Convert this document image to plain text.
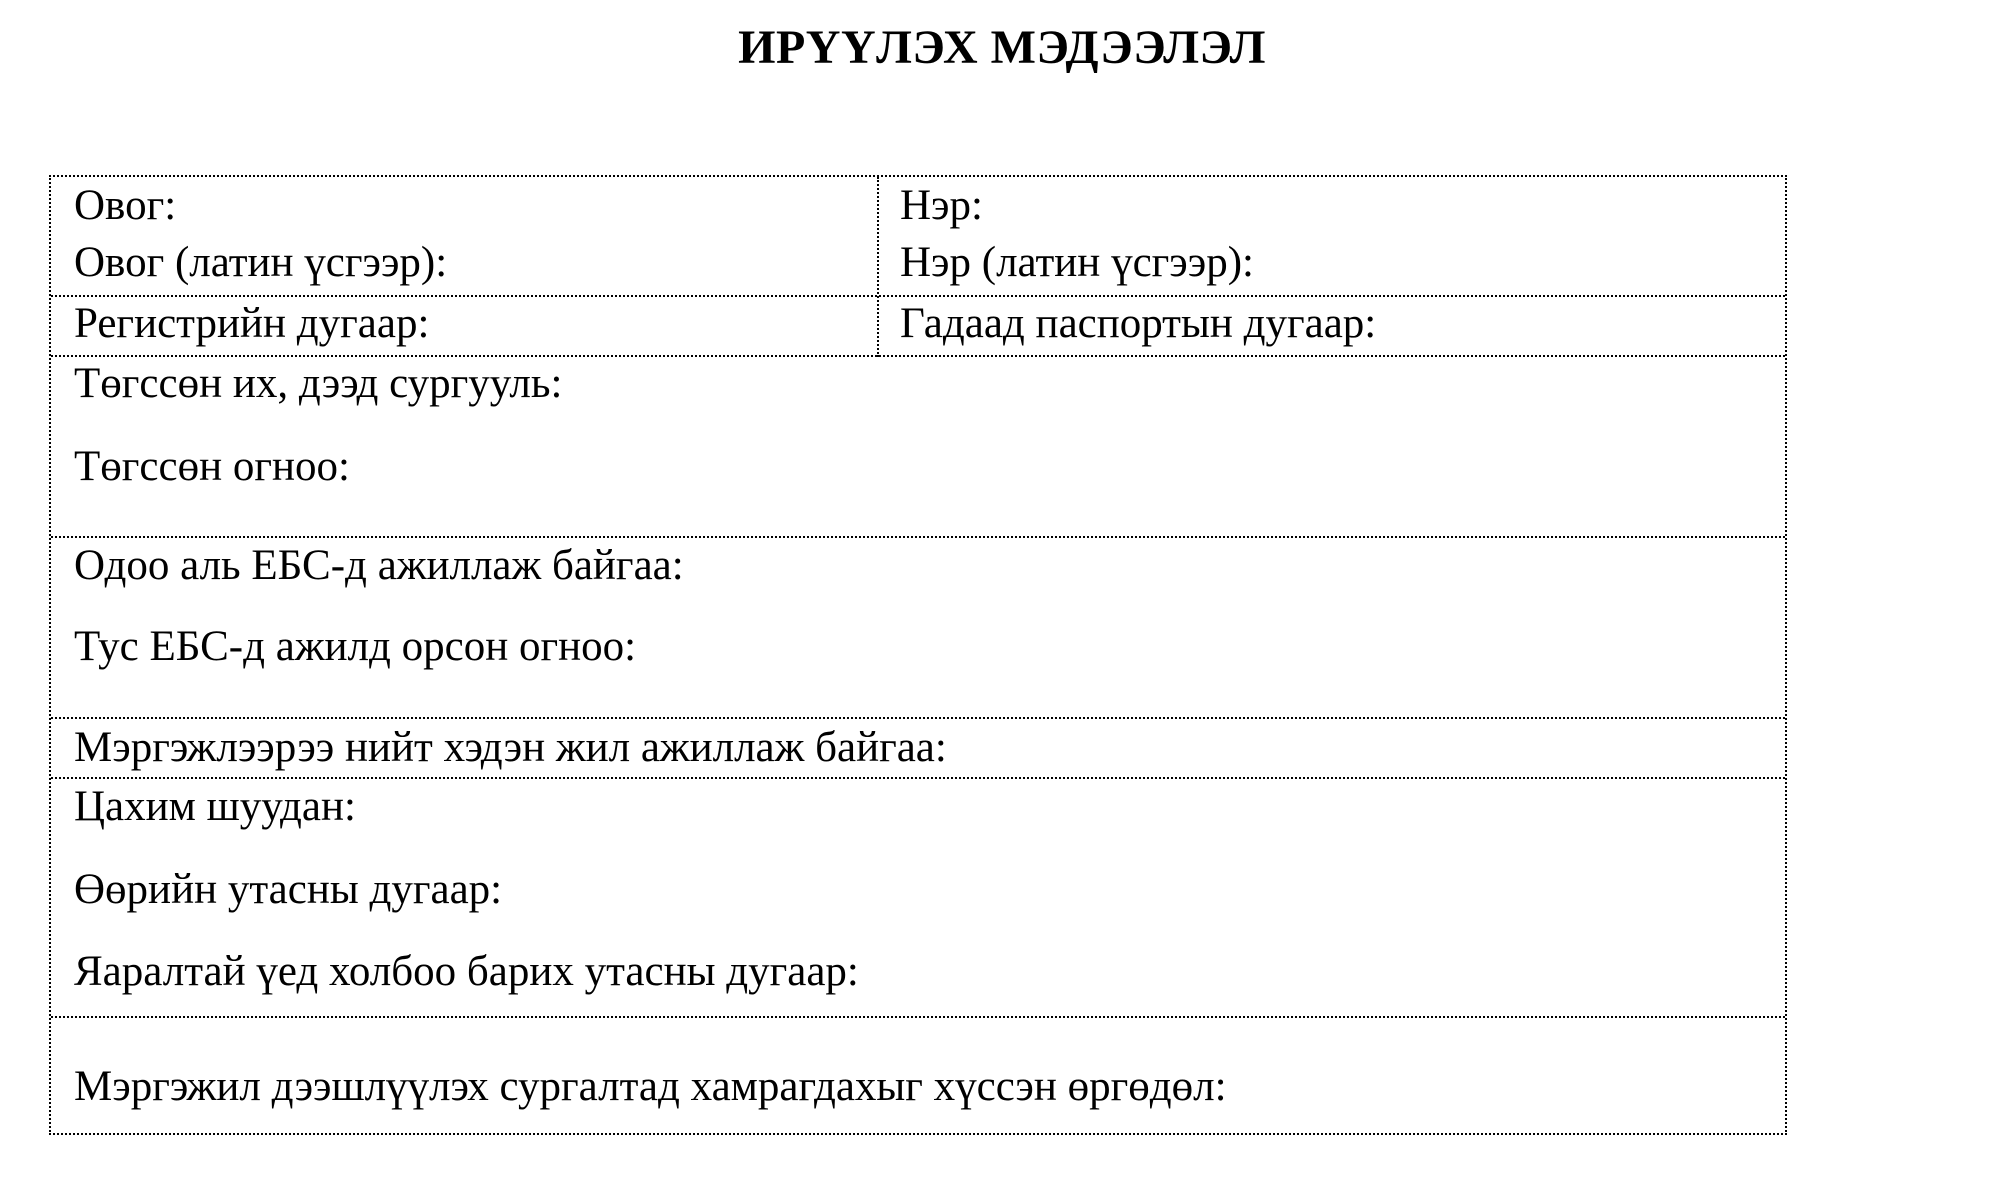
ИРҮҮЛЭХ МЭДЭЭЛЭЛ
Овог:
Овог (латин үсгээр):
Нэр:
Нэр (латин үсгээр):
Регистрийн дугаар:	Гадаад паспортын дугаар:
Төгссөн их, дээд сургууль:
Төгссөн огноо:
Одоо аль ЕБС-д ажиллаж байгаа:
Тус ЕБС-д ажилд орсон огноо:
Мэргэжлээрээ нийт хэдэн жил ажиллаж байгаа:
Цахим шуудан:
Өөрийн утасны дугаар:
Яаралтай үед холбоо барих утасны дугаар:
Мэргэжил дээшлүүлэх сургалтад хамрагдахыг хүссэн өргөдөл:
